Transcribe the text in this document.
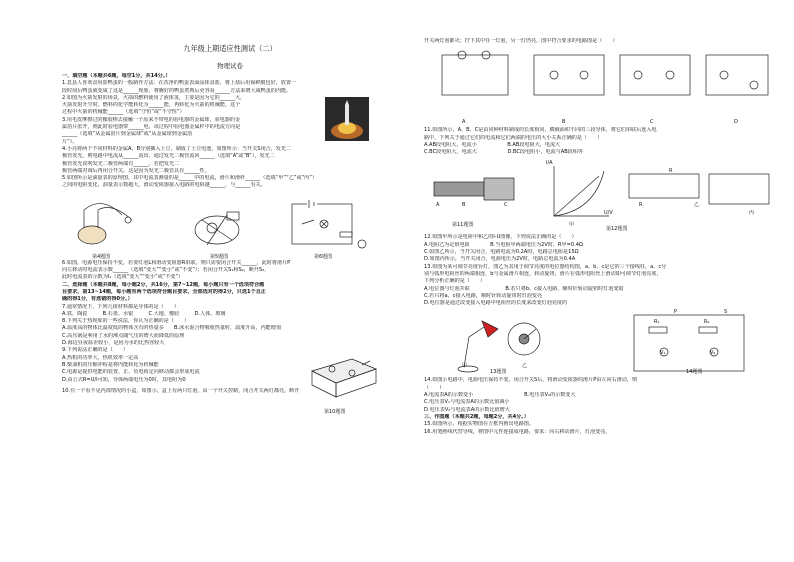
九年级上期适应性测试（二）
物理试卷
一、填空题（本题共6题，每空1分，共14分。）
1.息县人喜欢食用盐鸭蛋的一般制作方法：在洗净的鸭蛋表面涂抹食盐，将上盐后用保鲜膜包好，放置一
段时间后鸭蛋就变咸了这是______现象，将腌好的鸭蛋煮熟后更容易______方法来增大咸鸭蛋的内能。
2.如图为火箭发射的场景，火箭的燃料使用了液体氢，主要是因为它的______大，
火箭发射升空时，燃料的化学能转化为______能，再转化为火箭的机械能，这个
过程中火箭的机械能______（选填“守恒”或“不守恒”）
3.用毛皮摩擦过的橡胶棒去接触一个原来不带电的验电器的金属球，验电器的金
属箔片张开，则此时验电器带______电，该过程中验电器金属杆中的电流方向是
______（选填“从金属箔片到金属球”或“从金属球到金属箔
片”）。
4.小亮将两个不同材料的金属A、B分别插入土豆，制成了土豆电池，如图所示：当开关S闭合，发光二
极管发光，则电路中电流从______流出，通过发光二极管流回______（选填“A”或“B”），发光二
极管发光说明发光二极管两端有______，若把发光二
极管两端对调后再闭合开关，这是因为发光二极管具有______性。
5.如图所示是油量表的原理图，其中电流表测量的是______中的电流，滑片和滑杆______（选填“甲”“乙”或“丙”）
之间的电阻变化，油量表示数越大，滑动变阻器接入电路的电阻越______，与______有关。
第4题图	第5题图	第6题图
6.如图，电源电压保持不变，若要灯泡L和滑动变阻器R串联，则只需要闭合开关______，此时将滑片P
向左移动时电流表示数______（选填“变大”“变小”或“不变”）；若闭合开关S₁和S₂，断开S₃，
此时电流表的示数为I₁（选填“变大”“变小”或“不变”）
二、选择题（本题共8题，每小题2分，共16分，第7~12题，每小题只有一个选项符合题
目要求，第13~14题，每小题有两个选项符合题目要求，全部选对的得2分，只选1个且正
确的得1分，有选错的得0分。）
7.通常情况下，下列几组材料都是导体的是（　　）
A.铁、陶瓷　　　B.石墨、水银　　　C.大地、橡胶　　　D.人体、玻璃
8.下列关于热现象的一些说法，你认为正确的是（　　）
A.温度高的物体比温度低的物体含有的热量多　　B.冰水混合物吸收热量时，温度升高，内能增加
C.高压锅是利用了水的沸点随气压的增大而降低的原理
D.海边昼夜温差较小，是因为水的比热容较大
9.下列说法正确的是（　　）
第10题图
A.热机的功率大，热机效率一定高
B.柴油机的压缩冲程是将内能转化为机械能
C.电源是提供电能的装置，正、负电荷定向移动都会形成电流
D.由公式R=U/I可知，导体两端电压为0时，其电阻为0
10.有一个看不见内部情况的小盒，如图示，盒上有两只灯泡，由一个开关控制，闭合开关两灯都亮，断开
开关两灯泡都灭；拧下其中任一灯泡，另一灯仍亮，图中符合要求的电路图是（　　）
A	B	C	D
11.如图所示，A、B、C是由同种材料制成的长度相同，横截面积不同的三段导体，将它们串联后连入电
路中，下列关于通过它们的电流和它们两端的电压的大小关系正确的是（　　）
A.AB段电阻大，电流小　　　　　　B.AB段电阻大，电流大
C.BC段电阻大，电流大　　　　　　D.BC段电阻小，电流与AB段相等
A	B	C
I/A
U/V
第11题图	甲
第12题图
R
R
乙
丙
12.如图甲所示是电阻甲和乙的I-U图像，下列说法正确的是（　　）
A.电阻乙为定值电阻　　　　B.当电阻甲两端电压为2V时，R甲=0.4Ω
C.如图乙所示，当开关闭合，电路电流为0.2A时，电路总电阻是15Ω
D.如图丙所示，当开关闭合，电源电压为2V时，电路总电流为0.4A
13.如图为某可调节亮度台灯，图乙为其用于调节亮度的电位器结构图，a、b、c是它的三个接线柱，a、c分
别与弧形电阻丝的两端相连，b与金属滑片相连，转动旋钮，滑片在弧形电阻丝上滑动即可调节灯泡亮度，
下列分析正确的是（　　）
A.电位器与灯泡并联　　　　　　　B.若只将b、c接入电路，顺时针转动旋钮时灯泡变暗
C.若只将a、c接入电路，顺时针转动旋钮时灯泡变亮
D.电位器是通过改变接入电路中电阻丝的长度来改变灯泡亮度的
13题图
甲	乙
R₁	R₂
V₁	V₂
S
P
14题图
14.如图示电路中，电源电压保持不变，闭合开关S后，将滑动变阻器的滑片P由左向右滑动，则
（　　）
A.电流表A的示数变小　　　　　　　　　　B.电压表V₂的示数变大
C.电压表V₁与电流表A的示数比值减小
D.电压表V₂与电流表A的示数比值增大
三、作图题（本题共2题，每题2分，共4分。）
15.如图所示，根据实物图在方框内画出电路图。
16.用笔画线代替导线，将图中元件连接成电路，要求：向右移动滑片，灯泡变亮。
